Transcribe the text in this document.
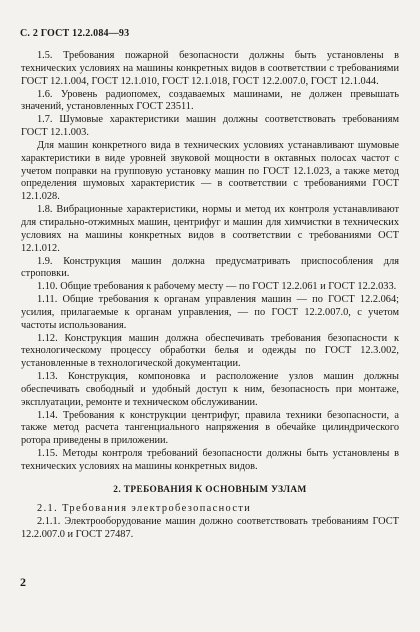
С. 2 ГОСТ 12.2.084—93

1.5. Требования пожарной безопасности должны быть установлены в технических условиях на машины конкретных видов в соответствии с требованиями ГОСТ 12.1.004, ГОСТ 12.1.010, ГОСТ 12.1.018, ГОСТ 12.2.007.0, ГОСТ 12.1.044.

1.6. Уровень радиопомех, создаваемых машинами, не должен превышать значений, установленных ГОСТ 23511.

1.7. Шумовые характеристики машин должны соответствовать требованиям ГОСТ 12.1.003.

Для машин конкретного вида в технических условиях устанавливают шумовые характеристики в виде уровней звуковой мощности в октавных полосах частот с учетом поправки на групповую установку машин по ГОСТ 12.1.023, а также метод определения шумовых характеристик — в соответствии с требованиями ГОСТ 12.1.028.

1.8. Вибрационные характеристики, нормы и метод их контроля устанавливают для стирально-отжимных машин, центрифуг и машин для химчистки в технических условиях на машины конкретных видов в соответствии с требованиями ОСТ 12.1.012.

1.9. Конструкция машин должна предусматривать приспособления для строповки.

1.10. Общие требования к рабочему месту — по ГОСТ 12.2.061 и ГОСТ 12.2.033.

1.11. Общие требования к органам управления машин — по ГОСТ 12.2.064; усилия, прилагаемые к органам управления, — по ГОСТ 12.2.007.0, с учетом частоты использования.

1.12. Конструкция машин должна обеспечивать требования безопасности к технологическому процессу обработки белья и одежды по ГОСТ 12.3.002, установленные в технологической документации.

1.13. Конструкция, компоновка и расположение узлов машин должны обеспечивать свободный и удобный доступ к ним, безопасность при монтаже, эксплуатации, ремонте и техническом обслуживании.

1.14. Требования к конструкции центрифуг, правила техники безопасности, а также метод расчета тангенциального напряжения в обечайке цилиндрического ротора приведены в приложении.

1.15. Методы контроля требований безопасности должны быть установлены в технических условиях на машины конкретных видов.

2. ТРЕБОВАНИЯ К ОСНОВНЫМ УЗЛАМ

2.1. Требования электробезопасности

2.1.1. Электрооборудование машин должно соответствовать требованиям ГОСТ 12.2.007.0 и ГОСТ 27487.

2
